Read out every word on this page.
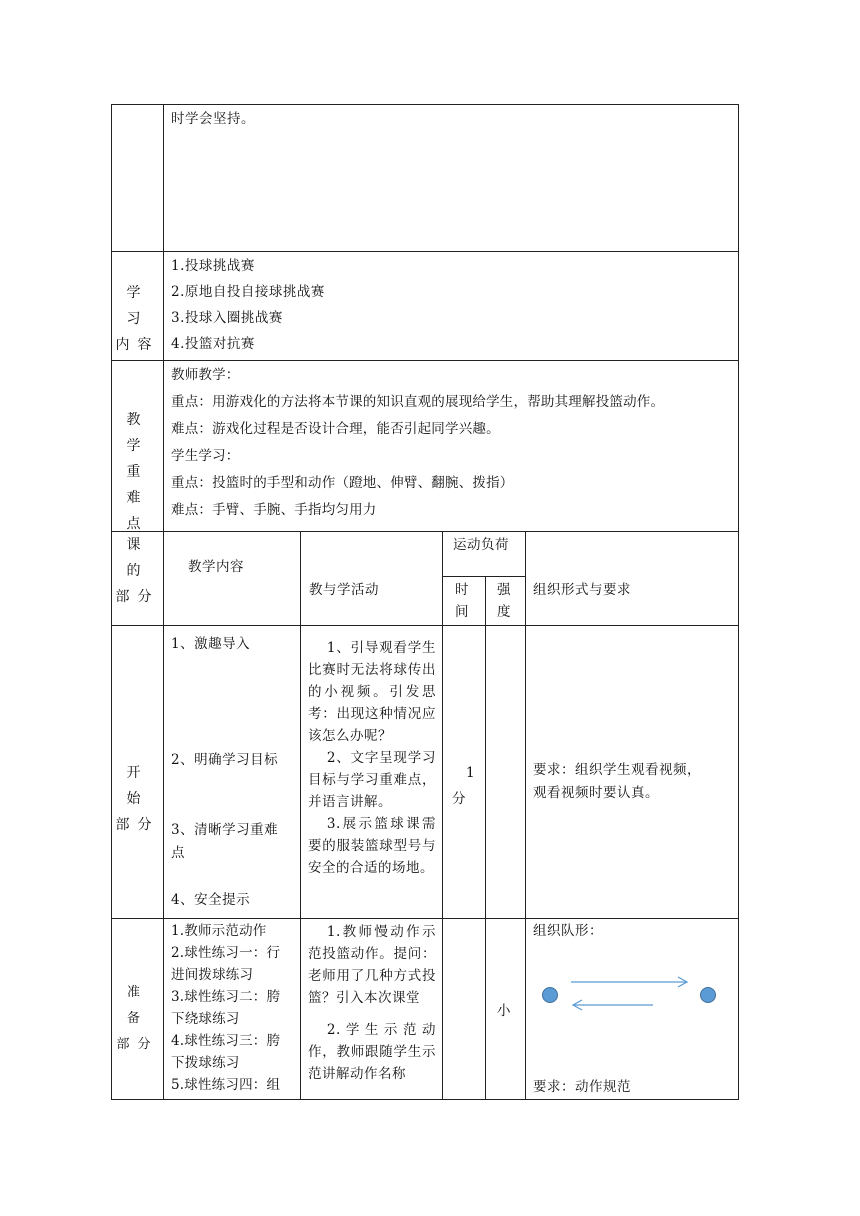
时学会坚持。
学 习
内容
1.投球挑战赛
2.原地自投自接球挑战赛
3.投球入圈挑战赛
4.投篮对抗赛
教 学
重 难
点
教师教学：
重点：用游戏化的方法将本节课的知识直观的展现给学生，帮助其理解投篮动作。
难点：游戏化过程是否设计合理，能否引起同学兴趣。
学生学习：
重点：投篮时的手型和动作（蹬地、伸臂、翻腕、拨指）
难点：手臂、手腕、手指均匀用力
课 的
部分
教学内容
教与学活动
运动负荷
时
间
强
度
组织形式与要求
开 始
部分
1、激趣导入
2、明确学习目标
3、清晰学习重难
点
4、安全提示
1、引导观看学生比赛时无法将球传出的小视频。引发思考：出现这种情况应该怎么办呢？
2、文字呈现学习目标与学习重难点，并语言讲解。
3.展示篮球课需要的服装篮球型号与安全的合适的场地。
1
分
要求：组织学生观看视频，
观看视频时要认真。
准 备
部分
1.教师示范动作
2.球性练习一：行
进间拨球练习
3.球性练习二：胯
下绕球练习
4.球性练习三：胯
下拨球练习
5.球性练习四：组
1.教师慢动作示范投篮动作。提问：老师用了几种方式投篮？引入本次课堂
2.学生示范动作，教师跟随学生示范讲解动作名称
小
组织队形：
要求：动作规范
